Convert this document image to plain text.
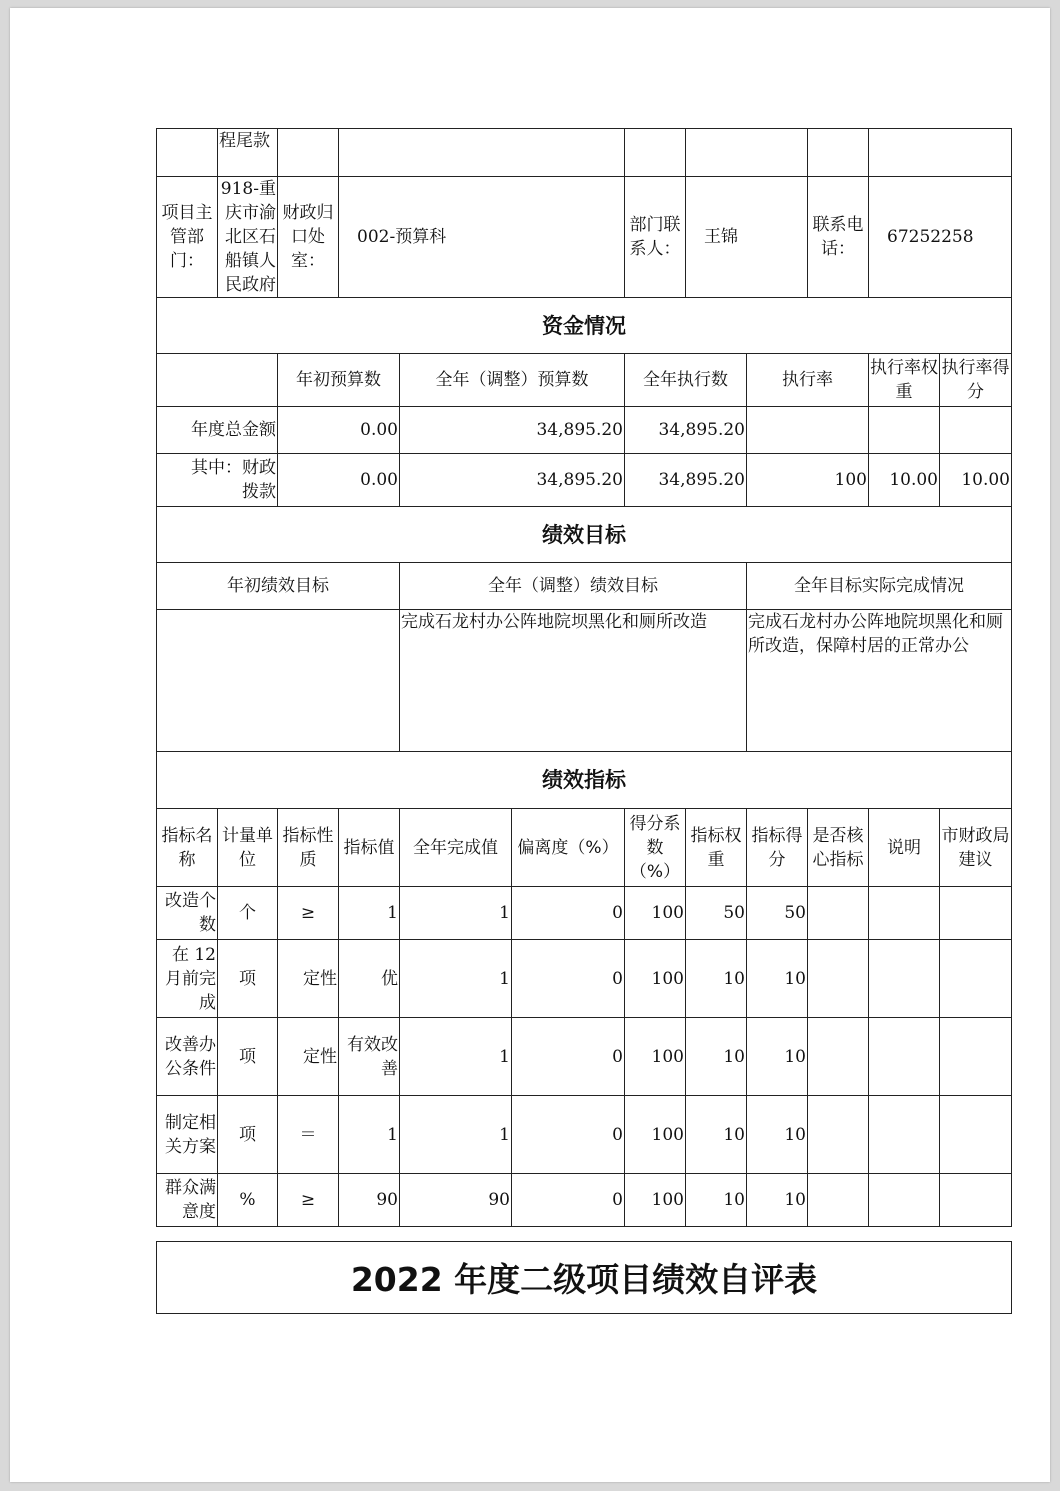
	程尾款										
项目主管部门：	918-重庆市渝北区石船镇人民政府	财政归口处室：	002-预算科			部门联系人：	王锦		联系电话：	67252258	
资金情况											
		年初预算数		全年（调整）预算数		全年执行数		执行率		执行率权重	执行率得分
年度总金额		0.00		34,895.20		34,895.20					
其中：财政拨款		0.00		34,895.20		34,895.20		100		10.00	10.00
绩效目标											
年初绩效目标				全年（调整）绩效目标				全年目标实际完成情况			
				完成石龙村办公阵地院坝黑化和厕所改造				完成石龙村办公阵地院坝黑化和厕所改造，保障村居的正常办公			
绩效指标											
指标名称	计量单位	指标性质	指标值	全年完成值	偏离度（%）	得分系数（%）	指标权重	指标得分	是否核心指标	说明	市财政局建议
改造个数	个	≥	1	1	0	100	50	50			
在 12 月前完成	项	定性	优	1	0	100	10	10			
改善办公条件	项	定性	有效改善	1	0	100	10	10			
制定相关方案	项	＝	1	1	0	100	10	10			
群众满意度	%	≥	90	90	0	100	10	10			
2022 年度二级项目绩效自评表
